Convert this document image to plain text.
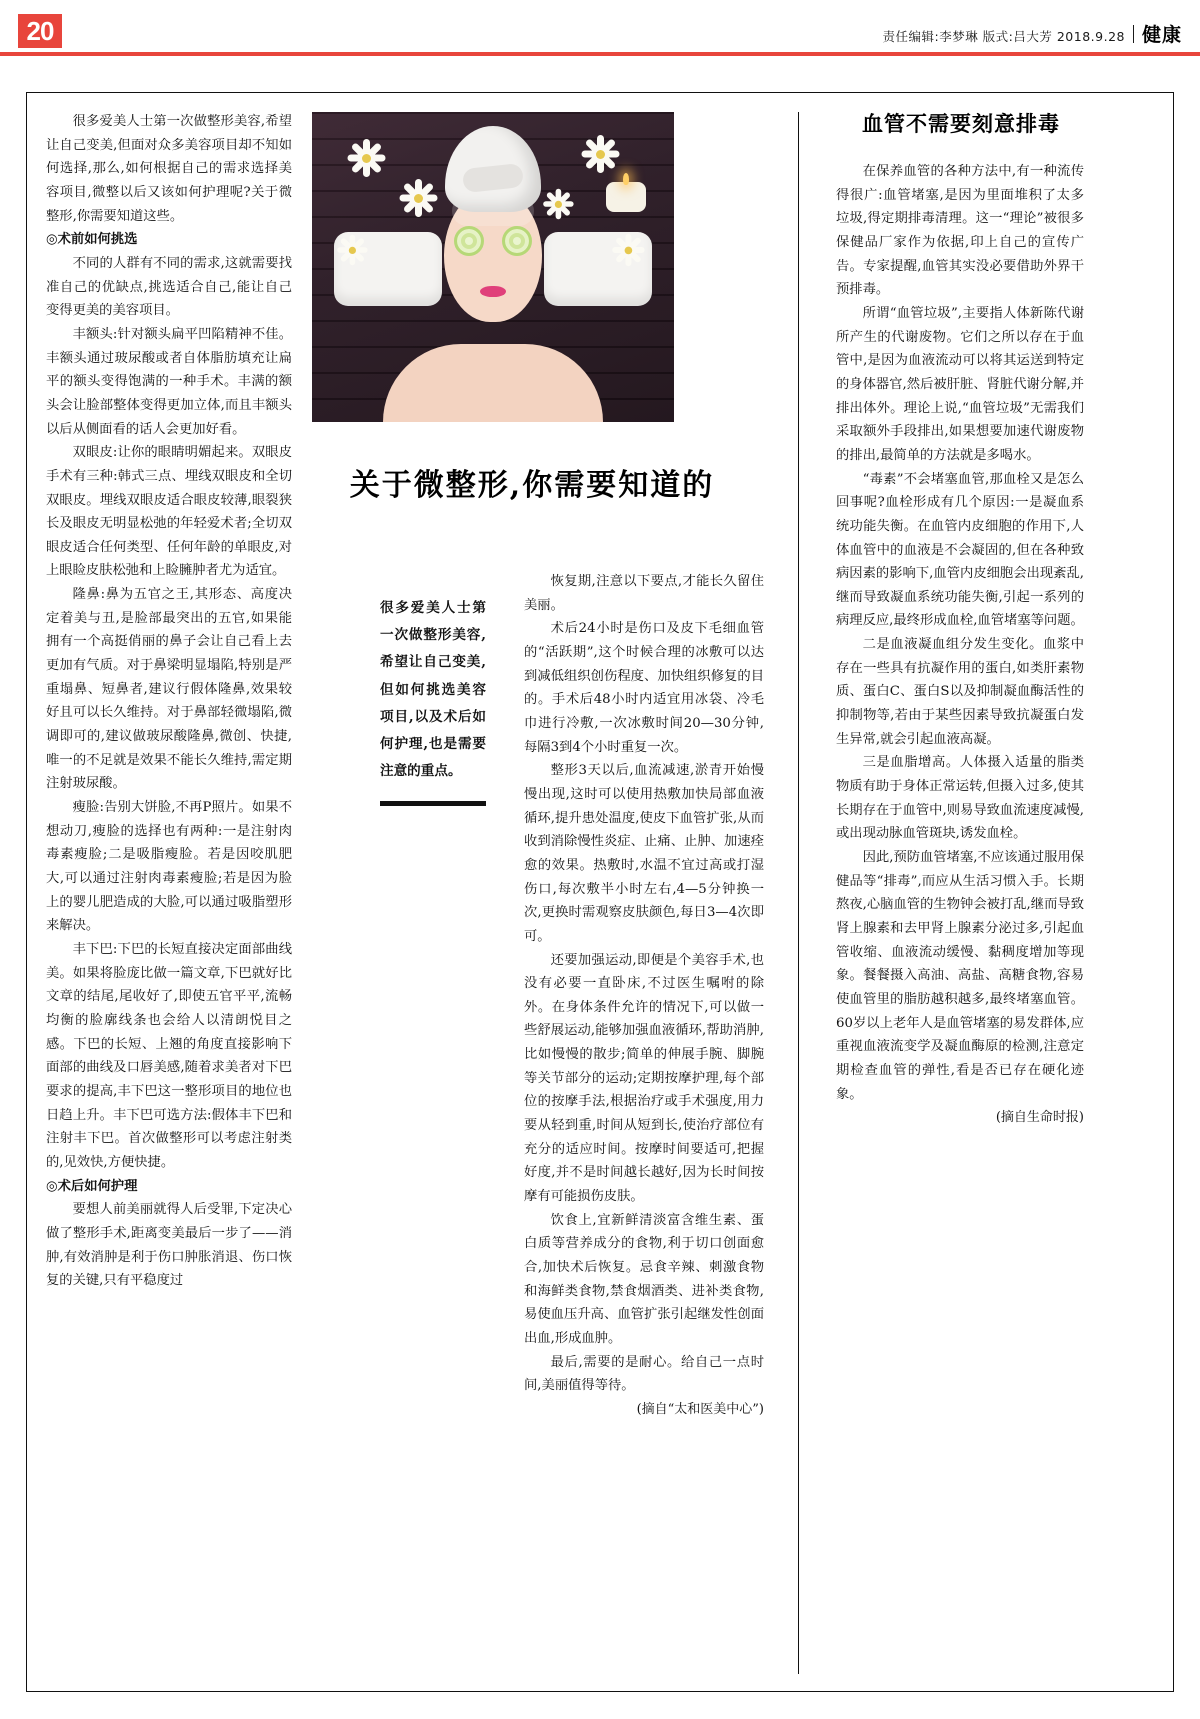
20	责任编辑:李梦琳 版式:吕大芳 2018.9.28 健康
关于微整形,你需要知道的
很多爱美人士第一次做整形美容,希望让自己变美,但如何挑选美容项目,以及术后如何护理,也是需要注意的重点。

很多爱美人士第一次做整形美容,希望让自己变美,但面对众多美容项目却不知如何选择,那么,如何根据自己的需求选择美容项目,微整以后又该如何护理呢?关于微整形,你需要知道这些。

◎术前如何挑选

不同的人群有不同的需求,这就需要找准自己的优缺点,挑选适合自己,能让自己变得更美的美容项目。

丰额头:针对额头扁平凹陷精神不佳。丰额头通过玻尿酸或者自体脂肪填充让扁平的额头变得饱满的一种手术。丰满的额头会让脸部整体变得更加立体,而且丰额头以后从侧面看的话人会更加好看。

双眼皮:让你的眼睛明媚起来。双眼皮手术有三种:韩式三点、埋线双眼皮和全切双眼皮。埋线双眼皮适合眼皮较薄,眼裂狭长及眼皮无明显松弛的年轻爱术者;全切双眼皮适合任何类型、任何年龄的单眼皮,对上眼睑皮肤松弛和上睑臃肿者尤为适宜。

隆鼻:鼻为五官之王,其形态、高度决定着美与丑,是脸部最突出的五官,如果能拥有一个高挺俏丽的鼻子会让自己看上去更加有气质。对于鼻梁明显塌陷,特别是严重塌鼻、短鼻者,建议行假体隆鼻,效果较好且可以长久维持。对于鼻部轻微塌陷,微调即可的,建议做玻尿酸隆鼻,微创、快捷,唯一的不足就是效果不能长久维持,需定期注射玻尿酸。

瘦脸:告别大饼脸,不再P照片。如果不想动刀,瘦脸的选择也有两种:一是注射肉毒素瘦脸;二是吸脂瘦脸。若是因咬肌肥大,可以通过注射肉毒素瘦脸;若是因为脸上的婴儿肥造成的大脸,可以通过吸脂塑形来解决。

丰下巴:下巴的长短直接决定面部曲线美。如果将脸庞比做一篇文章,下巴就好比文章的结尾,尾收好了,即使五官平平,流畅均衡的脸廓线条也会给人以清朗悦目之感。下巴的长短、上翘的角度直接影响下面部的曲线及口唇美感,随着求美者对下巴要求的提高,丰下巴这一整形项目的地位也日趋上升。丰下巴可选方法:假体丰下巴和注射丰下巴。首次做整形可以考虑注射类的,见效快,方便快捷。

◎术后如何护理

要想人前美丽就得人后受罪,下定决心做了整形手术,距离变美最后一步了——消肿,有效消肿是利于伤口肿胀消退、伤口恢复的关键,只有平稳度过

恢复期,注意以下要点,才能长久留住美丽。

术后24小时是伤口及皮下毛细血管的“活跃期”,这个时候合理的冰敷可以达到减低组织创伤程度、加快组织修复的目的。手术后48小时内适宜用冰袋、冷毛巾进行冷敷,一次冰敷时间20—30分钟,每隔3到4个小时重复一次。

整形3天以后,血流减速,淤青开始慢慢出现,这时可以使用热敷加快局部血液循环,提升患处温度,使皮下血管扩张,从而收到消除慢性炎症、止痛、止肿、加速痊愈的效果。热敷时,水温不宜过高或打湿伤口,每次敷半小时左右,4—5分钟换一次,更换时需观察皮肤颜色,每日3—4次即可。

还要加强运动,即便是个美容手术,也没有必要一直卧床,不过医生嘱咐的除外。在身体条件允许的情况下,可以做一些舒展运动,能够加强血液循环,帮助消肿,比如慢慢的散步;简单的伸展手腕、脚腕等关节部分的运动;定期按摩护理,每个部位的按摩手法,根据治疗或手术强度,用力要从轻到重,时间从短到长,使治疗部位有充分的适应时间。按摩时间要适可,把握好度,并不是时间越长越好,因为长时间按摩有可能损伤皮肤。

饮食上,宜新鲜清淡富含维生素、蛋白质等营养成分的食物,利于切口创面愈合,加快术后恢复。忌食辛辣、刺激食物和海鲜类食物,禁食烟酒类、进补类食物,易使血压升高、血管扩张引起继发性创面出血,形成血肿。

最后,需要的是耐心。给自己一点时间,美丽值得等待。

(摘自“太和医美中心”)

血管不需要刻意排毒

在保养血管的各种方法中,有一种流传得很广:血管堵塞,是因为里面堆积了太多垃圾,得定期排毒清理。这一“理论”被很多保健品厂家作为依据,印上自己的宣传广告。专家提醒,血管其实没必要借助外界干预排毒。

所谓“血管垃圾”,主要指人体新陈代谢所产生的代谢废物。它们之所以存在于血管中,是因为血液流动可以将其运送到特定的身体器官,然后被肝脏、肾脏代谢分解,并排出体外。理论上说,“血管垃圾”无需我们采取额外手段排出,如果想要加速代谢废物的排出,最简单的方法就是多喝水。

“毒素”不会堵塞血管,那血栓又是怎么回事呢?血栓形成有几个原因:一是凝血系统功能失衡。在血管内皮细胞的作用下,人体血管中的血液是不会凝固的,但在各种致病因素的影响下,血管内皮细胞会出现紊乱,继而导致凝血系统功能失衡,引起一系列的病理反应,最终形成血栓,血管堵塞等问题。

二是血液凝血组分发生变化。血浆中存在一些具有抗凝作用的蛋白,如类肝素物质、蛋白C、蛋白S以及抑制凝血酶活性的抑制物等,若由于某些因素导致抗凝蛋白发生异常,就会引起血液高凝。

三是血脂增高。人体摄入适量的脂类物质有助于身体正常运转,但摄入过多,使其长期存在于血管中,则易导致血流速度减慢,或出现动脉血管斑块,诱发血栓。

因此,预防血管堵塞,不应该通过服用保健品等“排毒”,而应从生活习惯入手。长期熬夜,心脑血管的生物钟会被打乱,继而导致肾上腺素和去甲肾上腺素分泌过多,引起血管收缩、血液流动缓慢、黏稠度增加等现象。餐餐摄入高油、高盐、高糖食物,容易使血管里的脂肪越积越多,最终堵塞血管。60岁以上老年人是血管堵塞的易发群体,应重视血液流变学及凝血酶原的检测,注意定期检查血管的弹性,看是否已存在硬化迹象。

(摘自生命时报)
